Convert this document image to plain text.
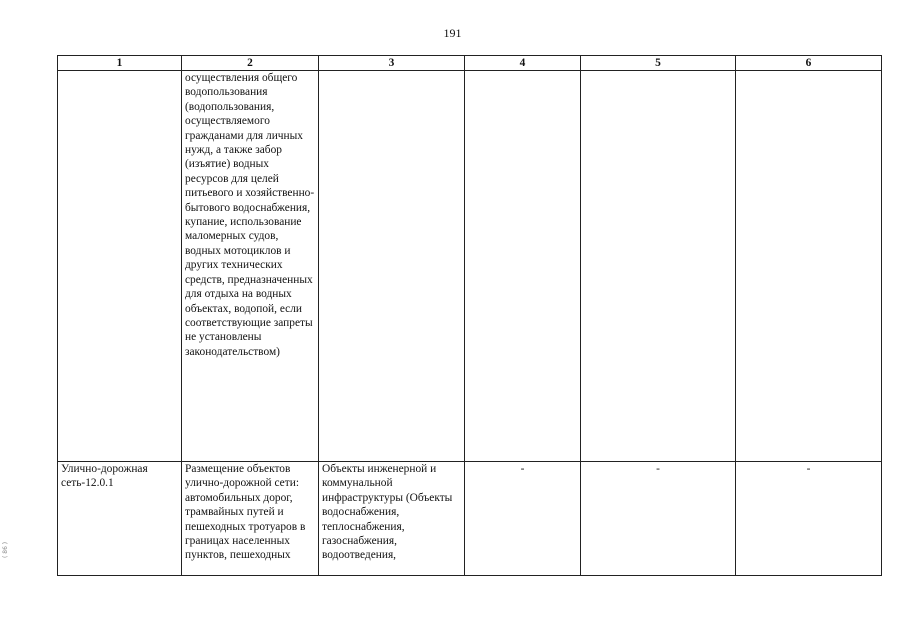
191
( 86 )
1	2	3	4	5	6
	осуществления общего водопользования (водопользования, осуществляемого гражданами для личных нужд, а также забор (изъятие) водных ресурсов для целей питьевого и хозяйственно-бытового водоснабжения, купание, использование маломерных судов, водных мотоциклов и других технических средств, предназначенных для отдыха на водных объектах, водопой, если соответствующие запреты не установлены законодательством)				
Улично-дорожная сеть-12.0.1	Размещение объектов улично-дорожной сети: автомобильных дорог, трамвайных путей и пешеходных тротуаров в границах населенных пунктов, пешеходных	Объекты инженерной и коммунальной инфраструктуры (Объекты водоснабжения, теплоснабжения, газоснабжения, водоотведения,	-	-	-
